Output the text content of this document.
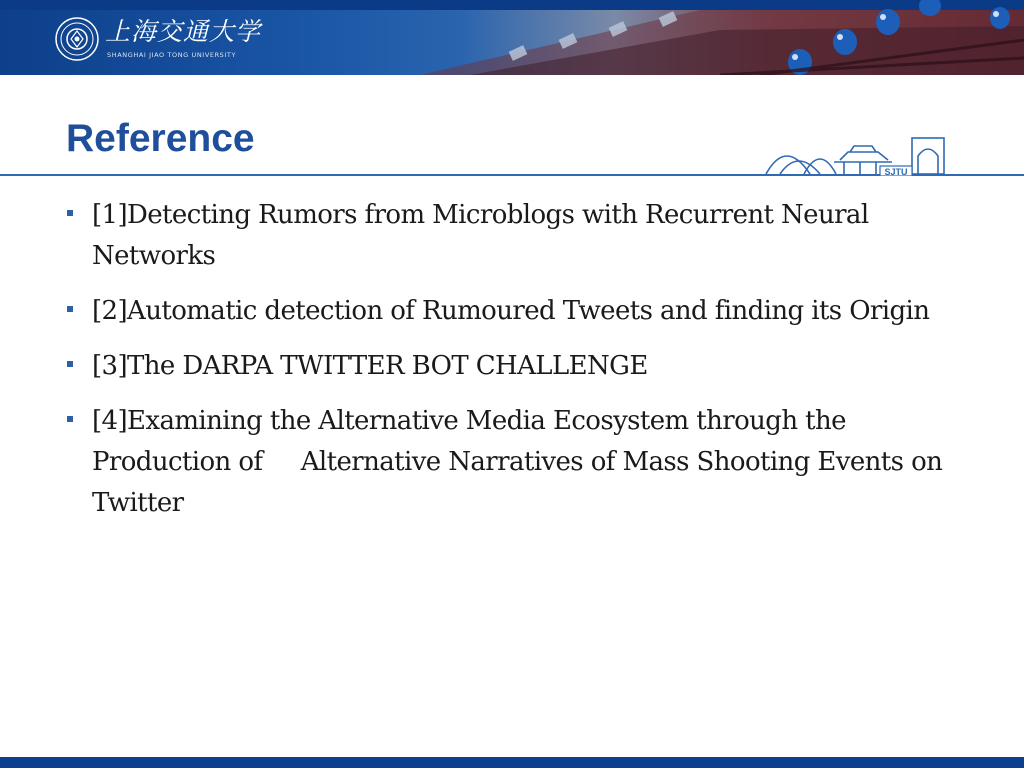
上海交通大学
SHANGHAI JIAO TONG UNIVERSITY
Reference
SJTU
[1]Detecting Rumors from Microblogs with Recurrent Neural
Networks
[2]Automatic detection of Rumoured Tweets and finding its Origin
[3]The DARPA TWITTER BOT CHALLENGE
[4]Examining the Alternative Media Ecosystem through the
Production of     Alternative Narratives of Mass Shooting Events on
Twitter
